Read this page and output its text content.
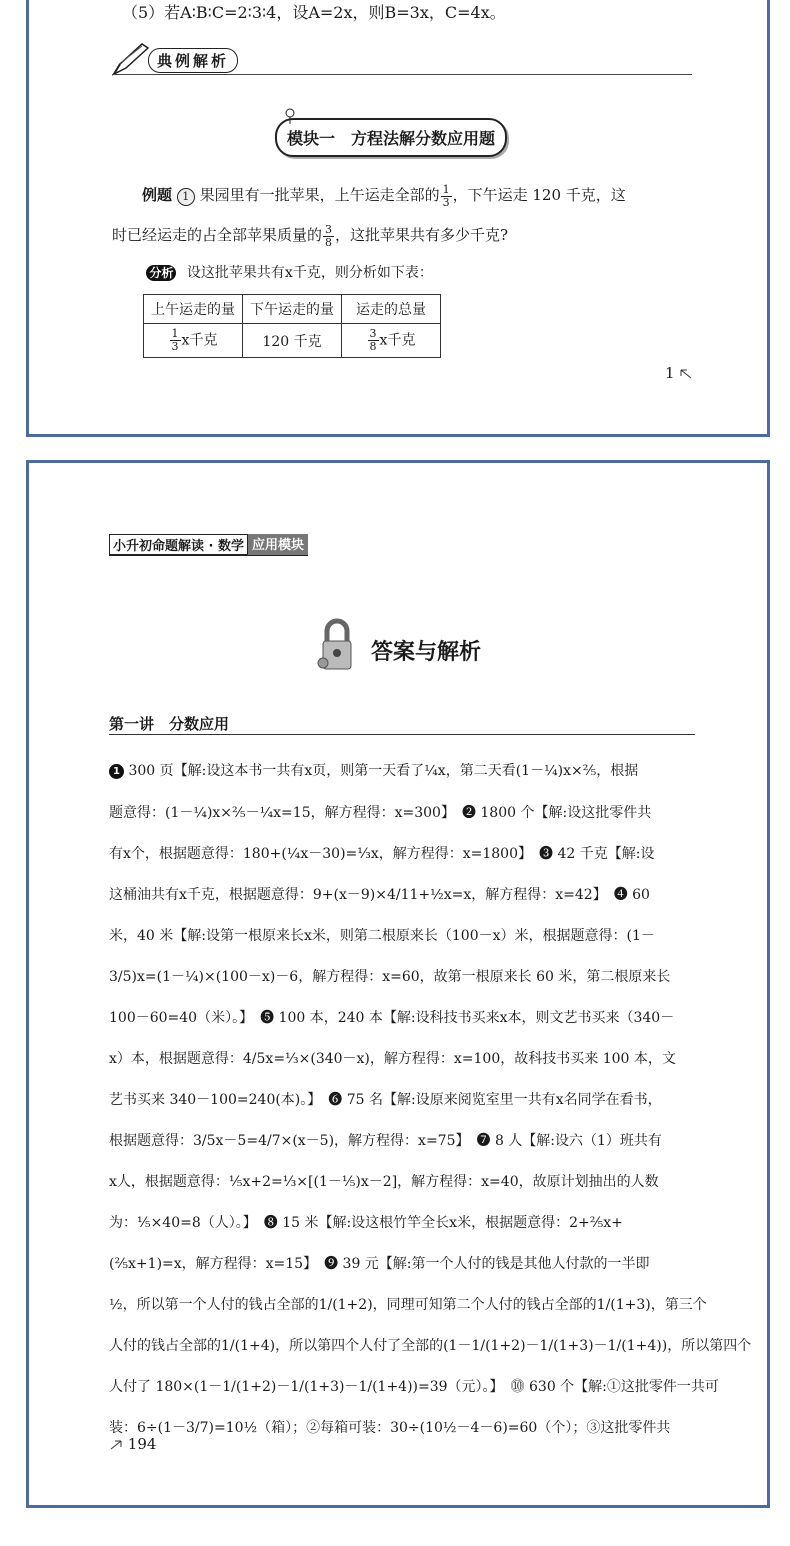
（5）若A∶B∶C=2∶3∶4，设A=2x，则B=3x，C=4x。
典例解析
模块一　方程法解分数应用题
例题 1 果园里有一批苹果，上午运走全部的 $\frac{1}{3}$ ，下午运走 120 千克，这
时已经运走的占全部苹果质量的 $\frac{3}{8}$ ，这批苹果共有多少千克?
分析 设这批苹果共有x千克，则分析如下表：
上午运走的量	下午运走的量	运走的总量

$\frac{1}{3}$ x千克	120 千克	$\frac{3}{8}$ x千克
1
小升初命题解读 · 数学 应用模块
答案与解析
第一讲　分数应用
1 300 页【解:设这本书一共有x页，则第一天看了¼x，第二天看(1－¼)x×⅖，根据
题意得：(1－¼)x×⅖－¼x=15，解方程得：x=300】　❷ 1800 个【解:设这批零件共
有x个，根据题意得：180+(¼x－30)=⅓x，解方程得：x=1800】　❸ 42 千克【解:设
这桶油共有x千克，根据题意得：9+(x－9)×4/11+½x=x，解方程得：x=42】　❹ 60
米，40 米【解:设第一根原来长x米，则第二根原来长（100－x）米，根据题意得：(1－
3/5)x=(1－¼)×(100－x)－6，解方程得：x=60，故第一根原来长 60 米，第二根原来长
100－60=40（米）。】　❺ 100 本，240 本【解:设科技书买来x本，则文艺书买来（340－
x）本，根据题意得：4/5x=⅓×(340－x)，解方程得：x=100，故科技书买来 100 本，文
艺书买来 340－100=240(本)。】　❻ 75 名【解:设原来阅览室里一共有x名同学在看书，
根据题意得：3/5x－5=4/7×(x－5)，解方程得：x=75】　❼ 8 人【解:设六（1）班共有
x人，根据题意得：⅕x+2=⅓×[(1－⅕)x－2]，解方程得：x=40，故原计划抽出的人数
为：⅕×40=8（人）。】　❽ 15 米【解:设这根竹竿全长x米，根据题意得：2+⅖x+
(⅖x+1)=x，解方程得：x=15】　❾ 39 元【解:第一个人付的钱是其他人付款的一半即
½，所以第一个人付的钱占全部的1/(1+2)，同理可知第二个人付的钱占全部的1/(1+3)，第三个
人付的钱占全部的1/(1+4)，所以第四个人付了全部的(1－1/(1+2)－1/(1+3)－1/(1+4))，所以第四个
人付了 180×(1－1/(1+2)－1/(1+3)－1/(1+4))=39（元）。】　⓾ 630 个【解:①这批零件一共可
装：6÷(1－3/7)=10½（箱）；②每箱可装：30÷(10½－4－6)=60（个）；③这批零件共
194
